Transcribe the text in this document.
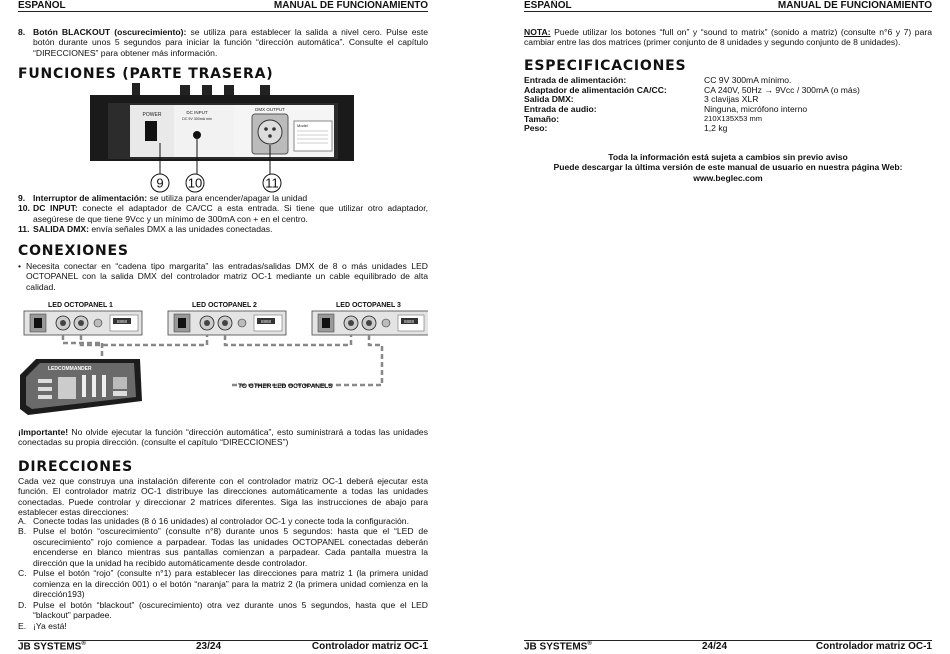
ESPAÑOL	MANUAL DE FUNCIONAMIENTO
8. Botón BLACKOUT (oscurecimiento): se utiliza para establecer la salida a nivel cero. Pulse este botón durante unos 5 segundos para iniciar la función “dirección automática”. Consulte el capítulo “DIRECCIONES” para obtener más información.
FUNCIONES (PARTE TRASERA)
POWER	DC INPUT
DC 9V 300mA min
DMX OUTPUT
Model
9 10	11
9. Interruptor de alimentación: se utiliza para encender/apagar la unidad
10. DC INPUT: conecte el adaptador de CA/CC a esta entrada. Si tiene que utilizar otro adaptador, asegúrese de que tiene 9Vcc y un mínimo de 300mA con + en el centro.
11. SALIDA DMX: envía señales DMX a las unidades conectadas.
CONEXIONES
• Necesita conectar en “cadena tipo margarita” las entradas/salidas DMX de 8 o más unidades LED OCTOPANEL con la salida DMX del controlador matriz OC-1 mediante un cable equilibrado de alta calidad.
LED OCTOPANEL 1	LED OCTOPANEL 2	LED OCTOPANEL 3
8888	8888	8888
TO OTHER LED OCTOPANELS
LEDCOMMANDER
¡Importante! No olvide ejecutar la función “dirección automática”, esto suministrará a todas las unidades conectadas su propia dirección. (consulte el capítulo “DIRECCIONES”)
DIRECCIONES
Cada vez que construya una instalación diferente con el controlador matriz OC-1 deberá ejecutar esta función. El controlador matriz OC-1 distribuye las direcciones automáticamente a todas las unidades conectadas. Puede controlar y direccionar 2 matrices diferentes. Siga las instrucciones de abajo para establecer estas direcciones:
A. Conecte todas las unidades (8 ó 16 unidades) al controlador OC-1 y conecte toda la configuración.
B. Pulse el botón “oscurecimiento” (consulte n°8) durante unos 5 segundos: hasta que el “LED de oscurecimiento” rojo comience a parpadear. Todas las unidades OCTOPANEL conectadas deberán encenderse en blanco mientras sus pantallas comienzan a parpadear. Cada pantalla muestra la dirección que la unidad ha recibido automáticamente desde controlador.
C. Pulse el botón “rojo” (consulte n°1) para establecer las direcciones para matriz 1 (la primera unidad comienza en la dirección 001) o el botón “naranja” para la matriz 2 (la primera unidad comienza en la dirección193)
D. Pulse el botón “blackout” (oscurecimiento) otra vez durante unos 5 segundos, hasta que el LED “blackout” parpadee.
E. ¡Ya está!
JB SYSTEMS®	23/24	Controlador matriz OC-1
ESPAÑOL	MANUAL DE FUNCIONAMIENTO
NOTA: Puede utilizar los botones “full on” y “sound to matrix” (sonido a matriz) (consulte n°6 y 7) para cambiar entre las dos matrices (primer conjunto de 8 unidades y segundo conjunto de 8 unidades).
ESPECIFICACIONES
Entrada de alimentación:	CC 9V 300mA mínimo.
Adaptador de alimentación CA/CC:	CA 240V, 50Hz → 9Vcc / 300mA (o más)
Salida DMX:	3 clavijas XLR
Entrada de audio:	Ninguna, micrófono interno
Tamaño:	210X135X53 mm
Peso:	1,2 kg
Toda la información está sujeta a cambios sin previo aviso
Puede descargar la última versión de este manual de usuario en nuestra página Web:
www.beglec.com
JB SYSTEMS®	24/24	Controlador matriz OC-1
